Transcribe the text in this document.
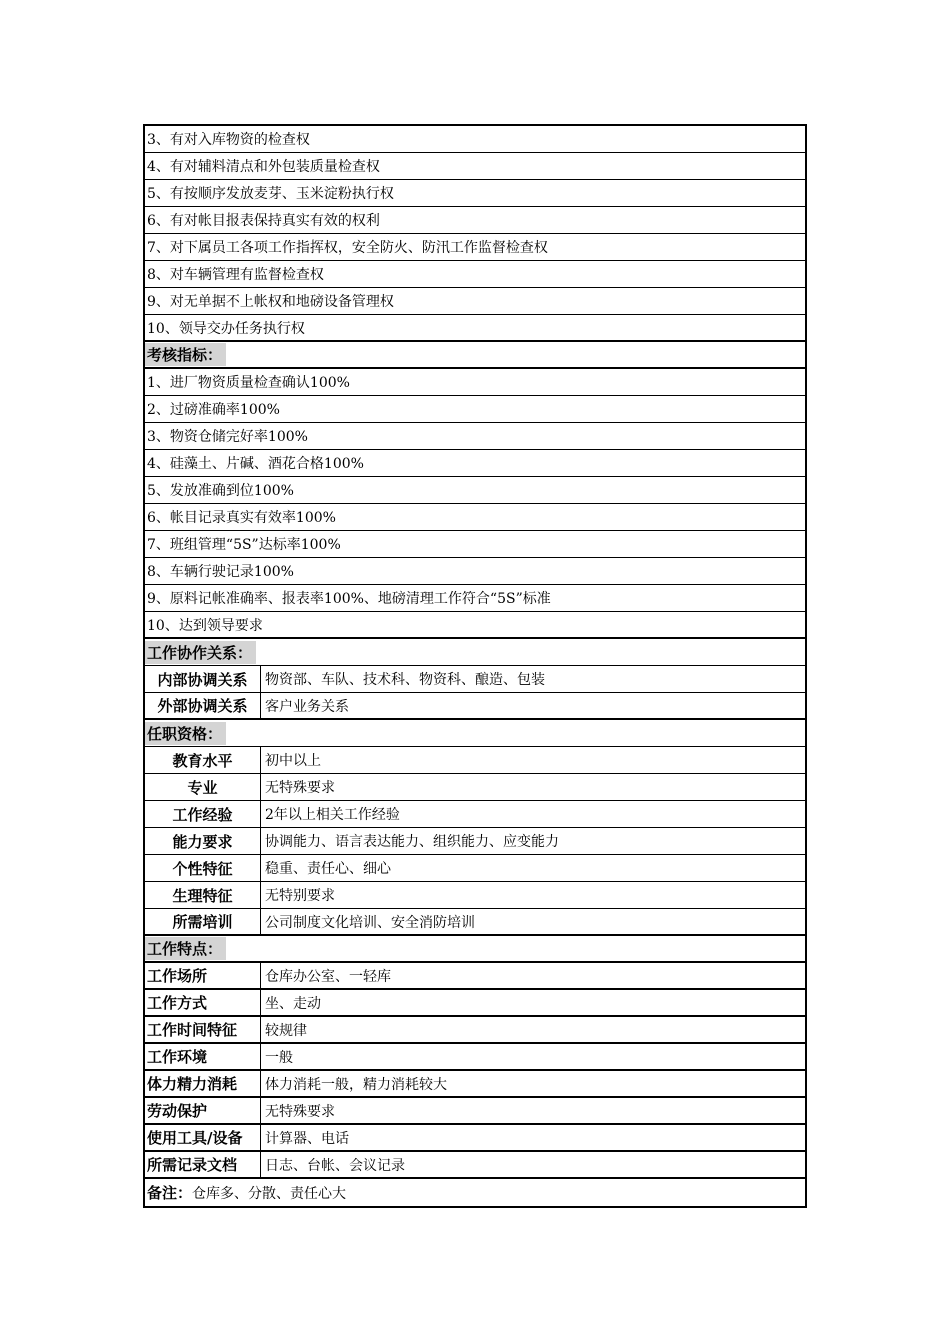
3、有对入库物资的检查权
4、有对辅料清点和外包装质量检查权
5、有按顺序发放麦芽、玉米淀粉执行权
6、有对帐目报表保持真实有效的权利
7、对下属员工各项工作指挥权，安全防火、防汛工作监督检查权
8、对车辆管理有监督检查权
9、对无单据不上帐权和地磅设备管理权
10、领导交办任务执行权
考核指标：
1、进厂物资质量检查确认100%
2、过磅准确率100%
3、物资仓储完好率100%
4、硅藻土、片碱、酒花合格100%
5、发放准确到位100%
6、帐目记录真实有效率100%
7、班组管理“5S”达标率100%
8、车辆行驶记录100%
9、原料记帐准确率、报表率100%、地磅清理工作符合“5S”标准
10、达到领导要求
工作协作关系：
内部协调关系	物资部、车队、技术科、物资科、酿造、包装
外部协调关系	客户业务关系
任职资格：
教育水平	初中以上
专业	无特殊要求
工作经验	2年以上相关工作经验
能力要求	协调能力、语言表达能力、组织能力、应变能力
个性特征	稳重、责任心、细心
生理特征	无特别要求
所需培训	公司制度文化培训、安全消防培训
工作特点：
工作场所	仓库办公室、一轻库
工作方式	坐、走动
工作时间特征	较规律
工作环境	一般
体力精力消耗	体力消耗一般，精力消耗较大
劳动保护	无特殊要求
使用工具/设备	计算器、电话
所需记录文档	日志、台帐、会议记录
备注： 仓库多、分散、责任心大
